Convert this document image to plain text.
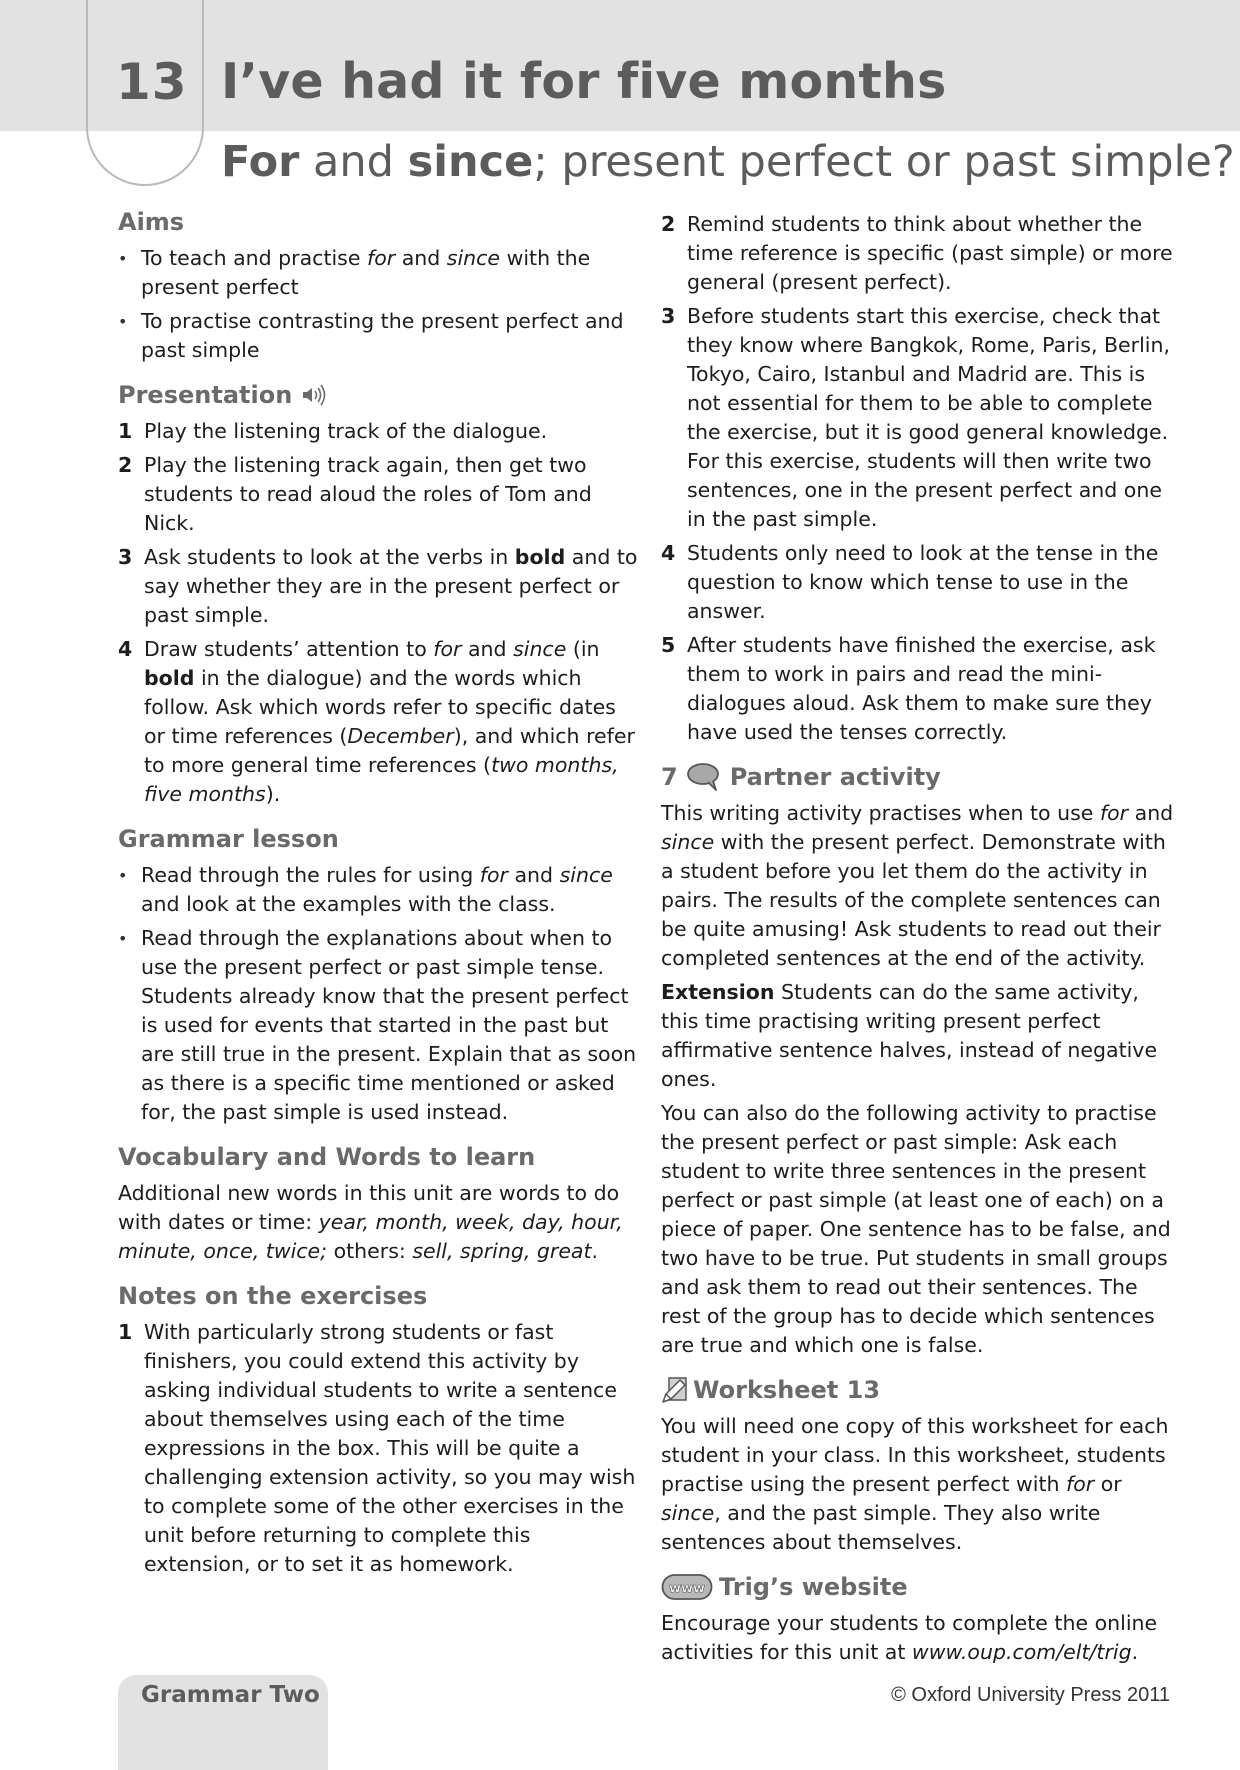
13 I’ve had it for five months
For and since; present perfect or past simple?
Aims
• To teach and practise for and since with the present perfect
• To practise contrasting the present perfect and past simple
Presentation
1 Play the listening track of the dialogue.
2 Play the listening track again, then get two students to read aloud the roles of Tom and Nick.
3 Ask students to look at the verbs in bold and to say whether they are in the present perfect or past simple.
4 Draw students’ attention to for and since (in bold in the dialogue) and the words which follow. Ask which words refer to specific dates or time references (December), and which refer to more general time references (two months, five months).
Grammar lesson
• Read through the rules for using for and since and look at the examples with the class.
• Read through the explanations about when to use the present perfect or past simple tense. Students already know that the present perfect is used for events that started in the past but are still true in the present. Explain that as soon as there is a specific time mentioned or asked for, the past simple is used instead.
Vocabulary and Words to learn

Additional new words in this unit are words to do with dates or time: year, month, week, day, hour, minute, once, twice; others: sell, spring, great.

Notes on the exercises
1 With particularly strong students or fast finishers, you could extend this activity by asking individual students to write a sentence about themselves using each of the time expressions in the box. This will be quite a challenging extension activity, so you may wish to complete some of the other exercises in the unit before returning to complete this extension, or to set it as homework.
2 Remind students to think about whether the time reference is specific (past simple) or more general (present perfect).
3 Before students start this exercise, check that they know where Bangkok, Rome, Paris, Berlin, Tokyo, Cairo, Istanbul and Madrid are. This is not essential for them to be able to complete the exercise, but it is good general knowledge. For this exercise, students will then write two sentences, one in the present perfect and one in the past simple.
4 Students only need to look at the tense in the question to know which tense to use in the answer.
5 After students have finished the exercise, ask them to work in pairs and read the mini-dialogues aloud. Ask them to make sure they have used the tenses correctly.
7 Partner activity

This writing activity practises when to use for and since with the present perfect. Demonstrate with a student before you let them do the activity in pairs. The results of the complete sentences can be quite amusing! Ask students to read out their completed sentences at the end of the activity.

Extension Students can do the same activity, this time practising writing present perfect affirmative sentence halves, instead of negative ones.

You can also do the following activity to practise the present perfect or past simple: Ask each student to write three sentences in the present perfect or past simple (at least one of each) on a piece of paper. One sentence has to be false, and two have to be true. Put students in small groups and ask them to read out their sentences. The rest of the group has to decide which sentences are true and which one is false.

Worksheet 13

You will need one copy of this worksheet for each student in your class. In this worksheet, students practise using the present perfect with for or since, and the past simple. They also write sentences about themselves.

www Trig’s website

Encourage your students to complete the online activities for this unit at www.oup.com/elt/trig.

Grammar Two	© Oxford University Press 2011
